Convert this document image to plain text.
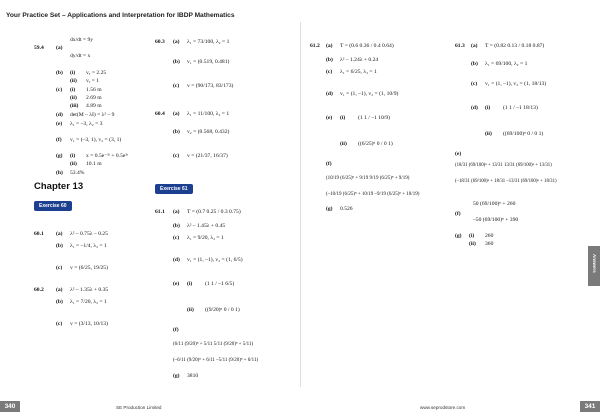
Your Practice Set – Applications and Interpretation for IBDP Mathematics
59.4 (a)
dx/dt = 9y
dy/dt = x
(b) (i) vₓ = 2.25
(ii) vᵧ = 1
(c) (i) 1.56 m
(ii) 2.69 m
(iii) 4.89 m
(d) det(M – λI) = λ² – 9
(e) λ₁ = –3, λ₂ = 3
(f) v₁ = (–3, 1), v₂ = (3, 1)
(g) (i) x = 0.5e⁻³ᵗ + 0.5e³ᵗ
(ii) 10.1 m
(h) 53.4%
60.1 (a) λ² – 0.75λ – 0.25
(b) λ₁ = –1/4, λ₂ = 1
(c) v = (6/25, 19/25)
60.2 (a) λ² – 1.35λ + 0.35
(b) λ₁ = 7/20, λ₂ = 1
(c) v = (3/13, 10/13)
60.3 (a) λ₁ = 73/100, λ₂ = 1
(b) v₁ = (0.519, 0.481)
(c) v = (90/173, 83/173)
60.4 (a) λ₁ = 11/100, λ₂ = 1
(b) v₂ = (0.568, 0.432)
(c) v = (21/37, 16/37)
61.1 (a) T = (0.7 0.25 / 0.3 0.75)
(b) λ² – 1.45λ + 0.45
(c) λ₁ = 9/20, λ₂ = 1
(d) v₁ = (1, –1), v₂ = (1, 6/5)
(e) (i) (1 1 / –1 6/5)
(ii) ((9/20)ⁿ 0 / 0 1)
(f)
(6/11 (9/20)ⁿ + 5/11 5/11 (9/20)ⁿ + 5/11)
(–6/11 (9/20)ⁿ + 6/11 –5/11 (9/20)ⁿ + 6/11)
(g) 3810
Chapter 13
Exercise 60
Exercise 61
61.2 (a) T = (0.6 0.36 / 0.4 0.64)
(b) λ² – 1.24λ + 0.24
(c) λ₁ = 6/25, λ₂ = 1
(d) v₁ = (1, –1), v₂ = (1, 10/9)
(e) (i) (1 1 / –1 10/9)
(ii) ((6/25)ⁿ 0 / 0 1)
(f)
(10/19 (6/25)ⁿ + 9/19 9/19 (6/25)ⁿ + 9/19)
(–10/19 (6/25)ⁿ + 10/19 –9/19 (6/25)ⁿ + 10/19)
(g) 0.526
61.3 (a) T = (0.82 0.13 / 0.18 0.87)
(b) λ₁ = 69/100, λ₂ = 1
(c) v₁ = (1, –1), v₂ = (1, 18/13)
(d) (i) (1 1 / –1 18/13)
(ii) ((69/100)ⁿ 0 / 0 1)
(e)
(18/31 (69/100)ⁿ + 13/31 13/31 (69/100)ⁿ + 13/31)
(–18/31 (69/100)ⁿ + 18/31 –13/31 (69/100)ⁿ + 18/31)
(f)
50 (69/100)ⁿ + 260
–50 (69/100)ⁿ + 390
(g) (i) 260
(ii) 360
Answers
340	SE Production Limited	www.seprodstore.com	341
